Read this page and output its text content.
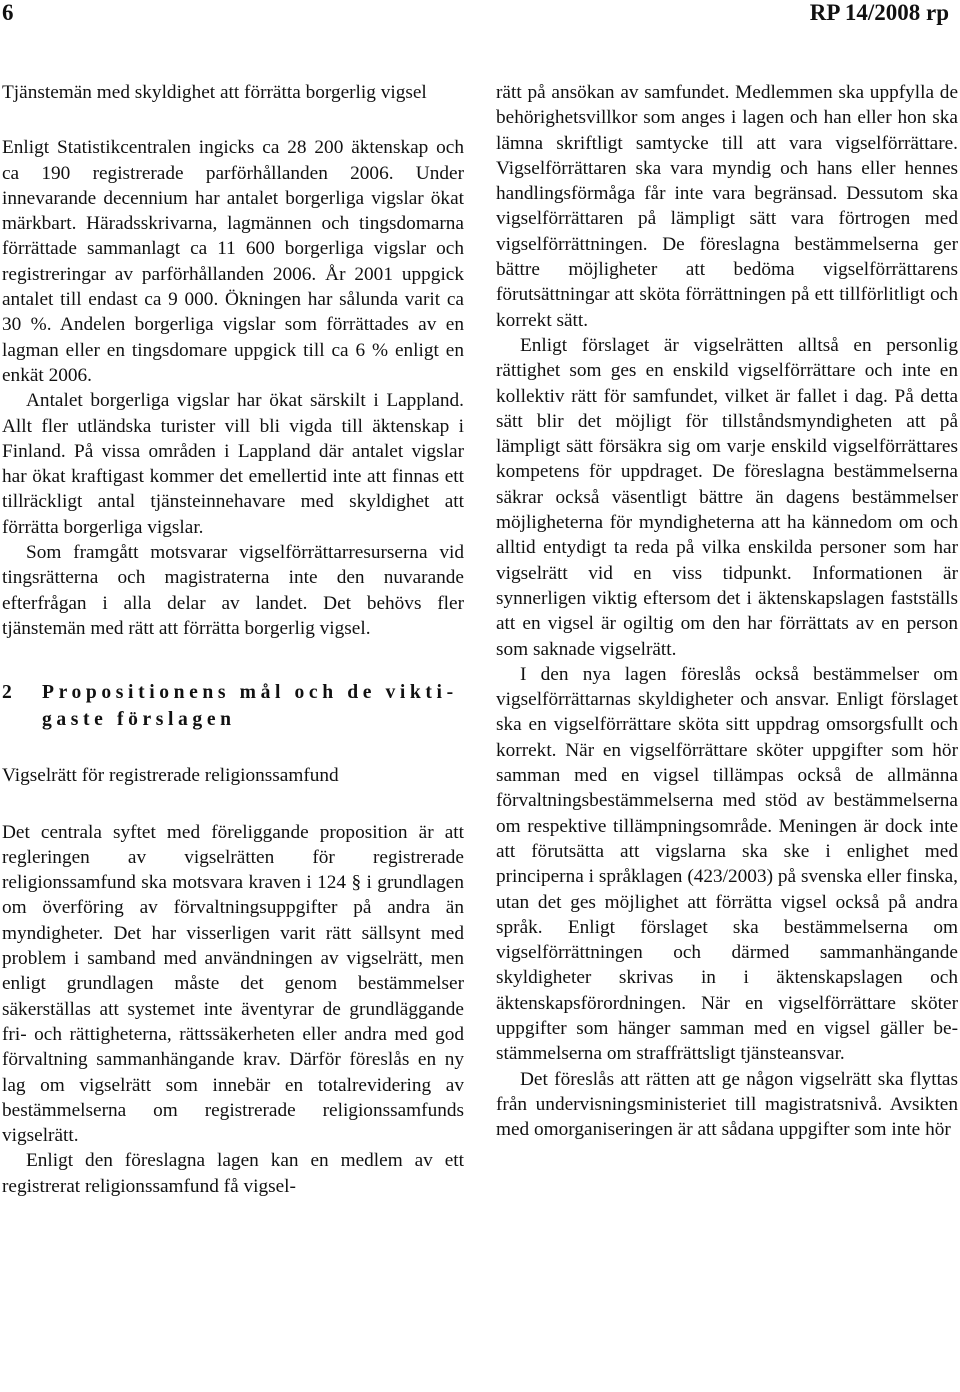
6	RP 14/2008 rp

Tjänstemän med skyldighet att förrätta borgerlig vigsel

Enligt Statistikcentralen ingicks ca 28 200 äktenskap och ca 190 registrerade parförhållanden 2006. Under innevarande decennium har antalet borgerliga vigslar ökat märkbart. Häradsskrivarna, lagmännen och tingsdomarna förrättade sammanlagt ca 11 600 borgerliga vigslar och registreringar av parförhållanden 2006. År 2001 uppgick antalet till endast ca 9 000. Ökningen har sålunda varit ca 30 %. Andelen borgerliga vigslar som förrättades av en lagman eller en tingsdomare uppgick till ca 6 % enligt en enkät 2006.

Antalet borgerliga vigslar har ökat särskilt i Lappland. Allt fler utländska turister vill bli vigda till äktenskap i Finland. På vissa områden i Lappland där antalet vigslar har ökat kraftigast kommer det emellertid inte att finnas ett tillräckligt antal tjänsteinnehavare med skyldighet att förrätta borgerliga vigslar.

Som framgått motsvarar vigselförrättarresurserna vid tingsrätterna och magistraterna inte den nuvarande efterfrågan i alla delar av landet. Det behövs fler tjänstemän med rätt att förrätta borgerlig vigsel.

2	Propositionens mål och de viktigaste förslagen

Vigselrätt för registrerade religionssamfund

Det centrala syftet med föreliggande proposition är att regleringen av vigselrätten för registrerade religionssamfund ska motsvara kraven i 124 § i grundlagen om överföring av förvaltningsuppgifter på andra än myndigheter. Det har visserligen varit rätt sällsynt med problem i samband med användningen av vigselrätt, men enligt grundlagen måste det genom bestämmelser säkerställas att systemet inte äventyrar de grundläggande fri- och rättigheterna, rättssäkerheten eller andra med god förvaltning sammanhängande krav. Därför föreslås en ny lag om vigselrätt som innebär en totalrevidering av bestämmelserna om registrerade religionssamfunds vigselrätt.

Enligt den föreslagna lagen kan en medlem av ett registrerat religionssamfund få vigsel-

rätt på ansökan av samfundet. Medlemmen ska uppfylla de behörighetsvillkor som anges i lagen och han eller hon ska lämna skriftligt samtycke till att vara vigselförrättare. Vigselförrättaren ska vara myndig och hans eller hennes handlingsförmåga får inte vara begränsad. Dessutom ska vigselförrättaren på lämpligt sätt vara förtrogen med vigselförrättningen. De föreslagna bestämmelserna ger bättre möjligheter att bedöma vigselförrättarens förutsättningar att sköta förrättningen på ett tillförlitligt och korrekt sätt.

Enligt förslaget är vigselrätten alltså en personlig rättighet som ges en enskild vigselförrättare och inte en kollektiv rätt för samfundet, vilket är fallet i dag. På detta sätt blir det möjligt för tillståndsmyndigheten att på lämpligt sätt försäkra sig om varje enskild vigselförrättares kompetens för uppdraget. De föreslagna bestämmelserna säkrar också väsentligt bättre än dagens bestämmelser möjligheterna för myndigheterna att ha kännedom om och alltid entydigt ta reda på vilka enskilda personer som har vigselrätt vid en viss tidpunkt. Informationen är synnerligen viktig eftersom det i äktenskapslagen fastställs att en vigsel är ogiltig om den har förrättats av en person som saknade vigselrätt.

I den nya lagen föreslås också bestämmelser om vigselförrättarnas skyldigheter och ansvar. Enligt förslaget ska en vigselförrättare sköta sitt uppdrag omsorgsfullt och korrekt. När en vigselförrättare sköter uppgifter som hör samman med en vigsel tillämpas också de allmänna förvaltningsbestämmelserna med stöd av bestämmelserna om respektive tillämpningsområde. Meningen är dock inte att förutsätta att vigslarna ska ske i enlighet med principerna i språklagen (423/2003) på svenska eller finska, utan det ges möjlighet att förrätta vigsel också på andra språk. Enligt förslaget ska bestämmelserna om vigselförrättningen och därmed sammanhängande skyldigheter skrivas in i äktenskapslagen och äktenskapsförordningen. När en vigselförrättare sköter uppgifter som hänger samman med en vigsel gäller bestämmelserna om straffrättsligt tjänsteansvar.

Det föreslås att rätten att ge någon vigselrätt ska flyttas från undervisningsministeriet till magistratsnivå. Avsikten med omorganiseringen är att sådana uppgifter som inte hör
